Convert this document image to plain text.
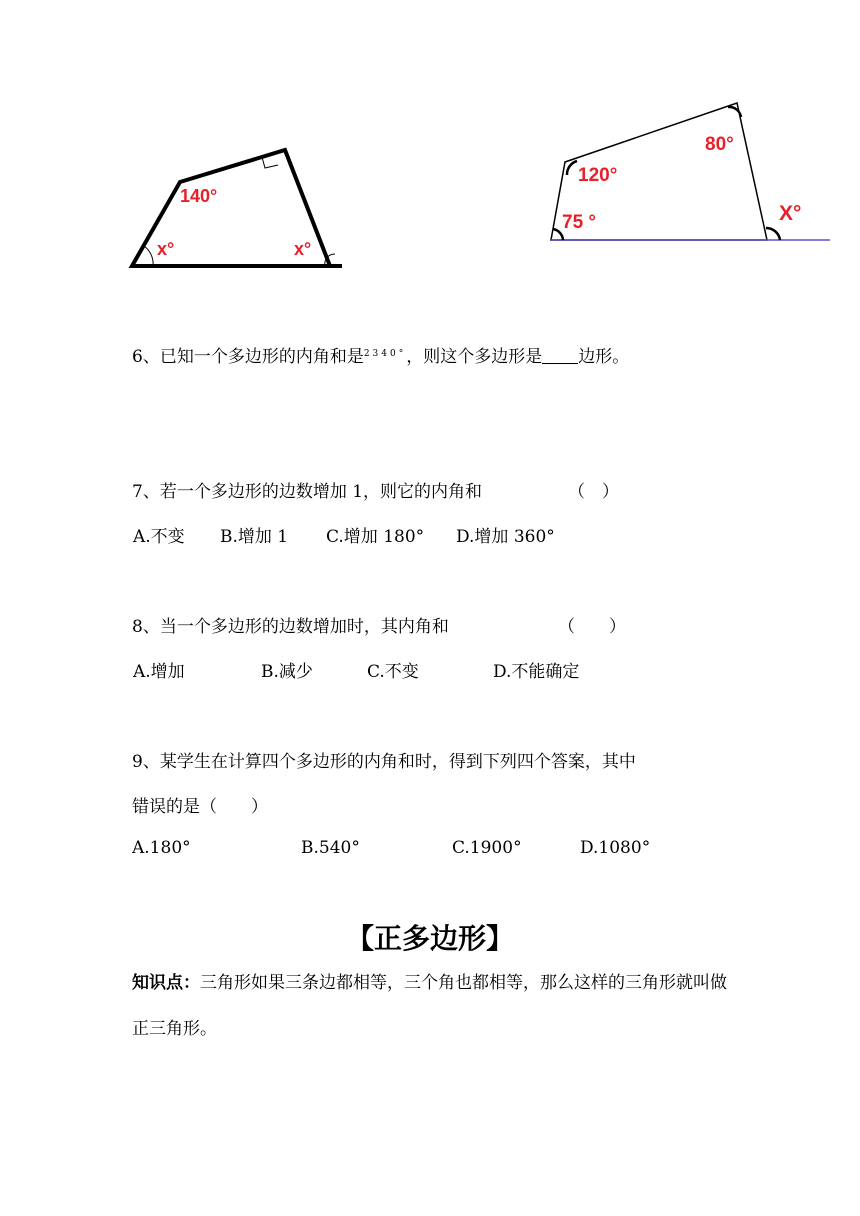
140°
x°	x°
80°
120°
75 °	X°
6、已知一个多边形的内角和是$^{2340^\circ}$，则这个多边形是 边形。
7、若一个多边形的边数增加 1，则它的内角和	（　）
A.不变 B.增加 1 C.增加 180° D.增加 360°
8、当一个多边形的边数增加时，其内角和	（　　）
A.增加	B.减少	C.不变	D.不能确定
9、某学生在计算四个多边形的内角和时，得到下列四个答案，其中
错误的是（　　）
A.180°	B.540°	C.1900°	D.1080°
【正多边形】
知识点：三角形如果三条边都相等，三个角也都相等，那么这样的三角形就叫做正三角形。
